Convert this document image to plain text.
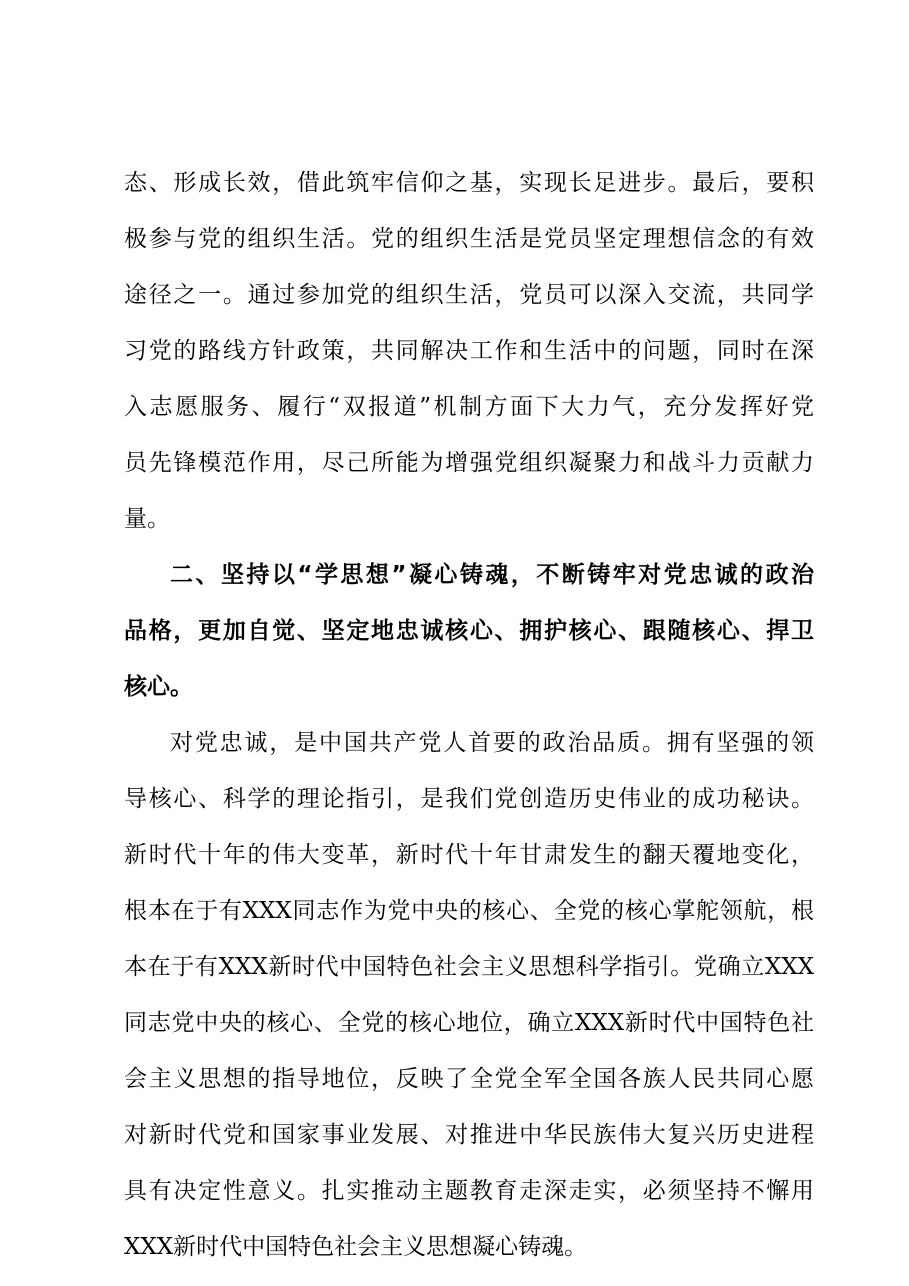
态、形成长效，借此筑牢信仰之基，实现长足进步。最后，要积
极参与党的组织生活。党的组织生活是党员坚定理想信念的有效
途径之一。通过参加党的组织生活，党员可以深入交流，共同学
习党的路线方针政策，共同解决工作和生活中的问题，同时在深
入志愿服务、履行“双报道”机制方面下大力气，充分发挥好党
员先锋模范作用，尽己所能为增强党组织凝聚力和战斗力贡献力
量。
二、坚持以“学思想”凝心铸魂，不断铸牢对党忠诚的政治
品格，更加自觉、坚定地忠诚核心、拥护核心、跟随核心、捍卫
核心。
对党忠诚，是中国共产党人首要的政治品质。拥有坚强的领
导核心、科学的理论指引，是我们党创造历史伟业的成功秘诀。
新时代十年的伟大变革，新时代十年甘肃发生的翻天覆地变化，
根本在于有XXX同志作为党中央的核心、全党的核心掌舵领航，根
本在于有XXX新时代中国特色社会主义思想科学指引。党确立XXX
同志党中央的核心、全党的核心地位，确立XXX新时代中国特色社
会主义思想的指导地位，反映了全党全军全国各族人民共同心愿
对新时代党和国家事业发展、对推进中华民族伟大复兴历史进程
具有决定性意义。扎实推动主题教育走深走实，必须坚持不懈用
XXX新时代中国特色社会主义思想凝心铸魂。
